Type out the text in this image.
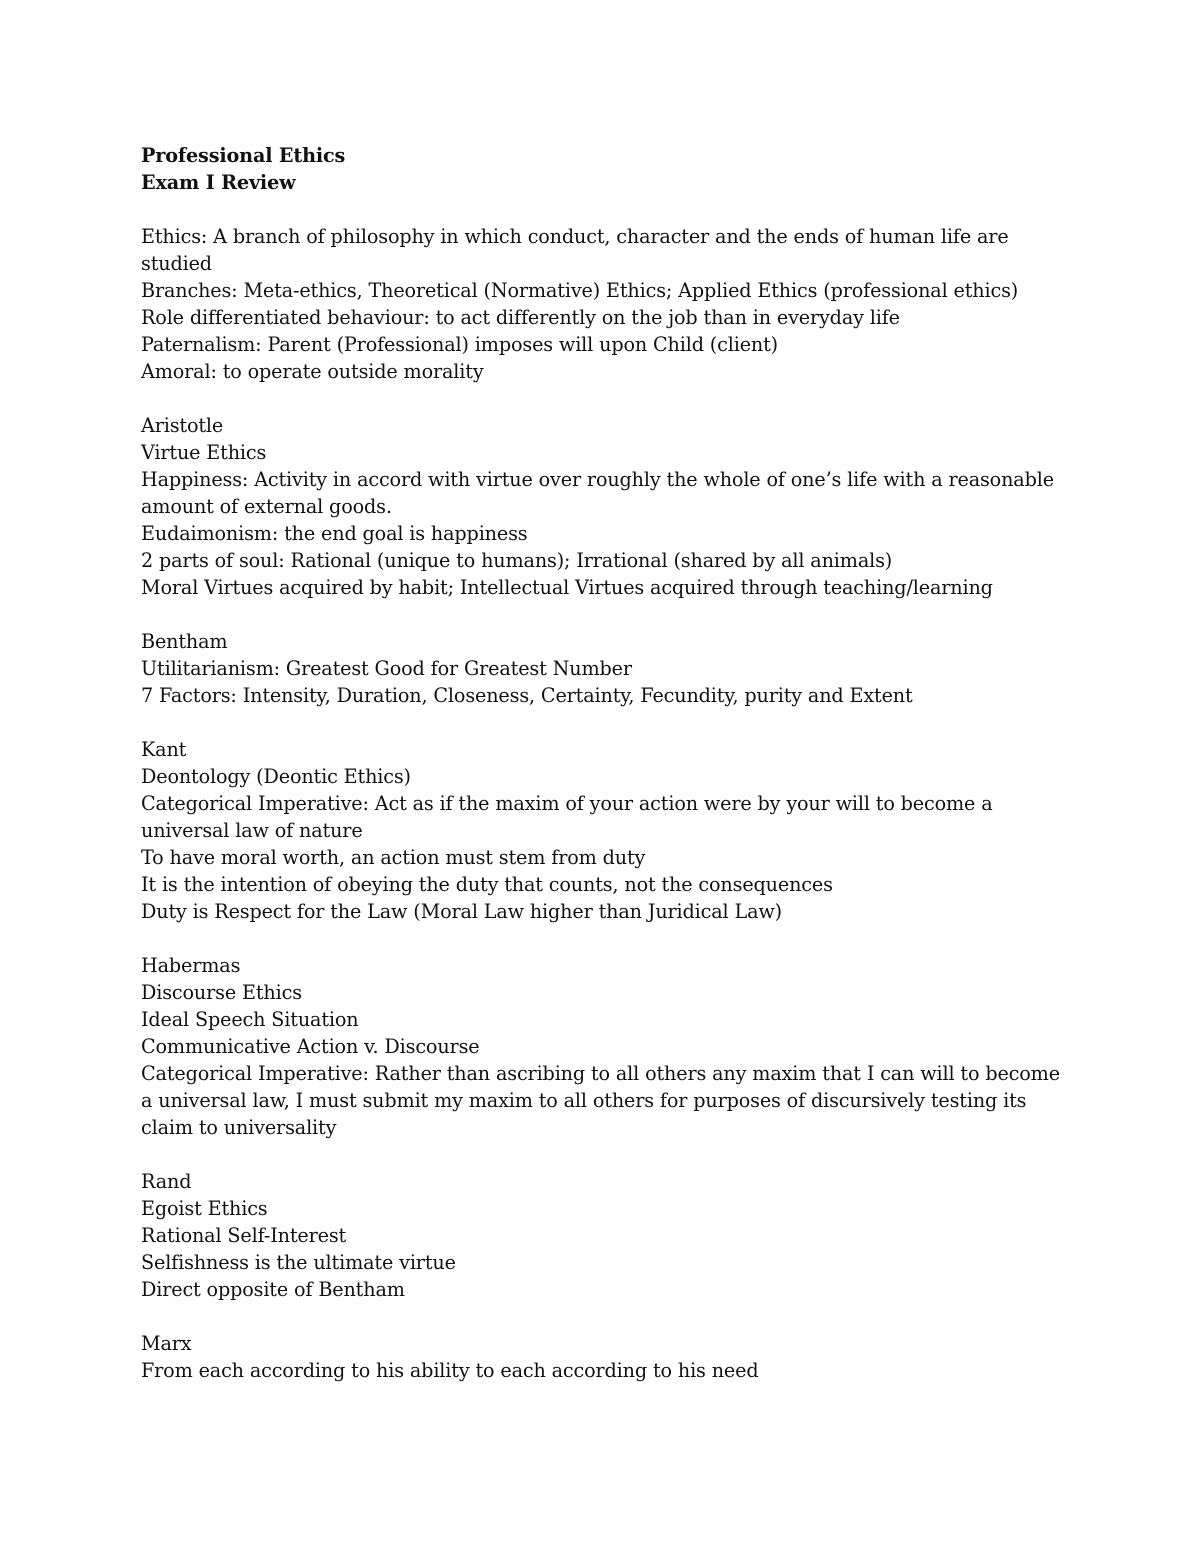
Professional Ethics

Exam I Review

Ethics: A branch of philosophy in which conduct, character and the ends of human life are studied

Branches: Meta-ethics, Theoretical (Normative) Ethics; Applied Ethics (professional ethics)

Role differentiated behaviour: to act differently on the job than in everyday life

Paternalism: Parent (Professional) imposes will upon Child (client)

Amoral: to operate outside morality

Aristotle

Virtue Ethics

Happiness: Activity in accord with virtue over roughly the whole of one’s life with a reasonable amount of external goods.

Eudaimonism: the end goal is happiness

2 parts of soul: Rational (unique to humans); Irrational (shared by all animals)

Moral Virtues acquired by habit; Intellectual Virtues acquired through teaching/learning

Bentham

Utilitarianism: Greatest Good for Greatest Number

7 Factors: Intensity, Duration, Closeness, Certainty, Fecundity, purity and Extent

Kant

Deontology (Deontic Ethics)

Categorical Imperative: Act as if the maxim of your action were by your will to become a universal law of nature

To have moral worth, an action must stem from duty

It is the intention of obeying the duty that counts, not the consequences

Duty is Respect for the Law (Moral Law higher than Juridical Law)

Habermas

Discourse Ethics

Ideal Speech Situation

Communicative Action v. Discourse

Categorical Imperative: Rather than ascribing to all others any maxim that I can will to become a universal law, I must submit my maxim to all others for purposes of discursively testing its claim to universality

Rand

Egoist Ethics

Rational Self-Interest

Selfishness is the ultimate virtue

Direct opposite of Bentham

Marx

From each according to his ability to each according to his need
